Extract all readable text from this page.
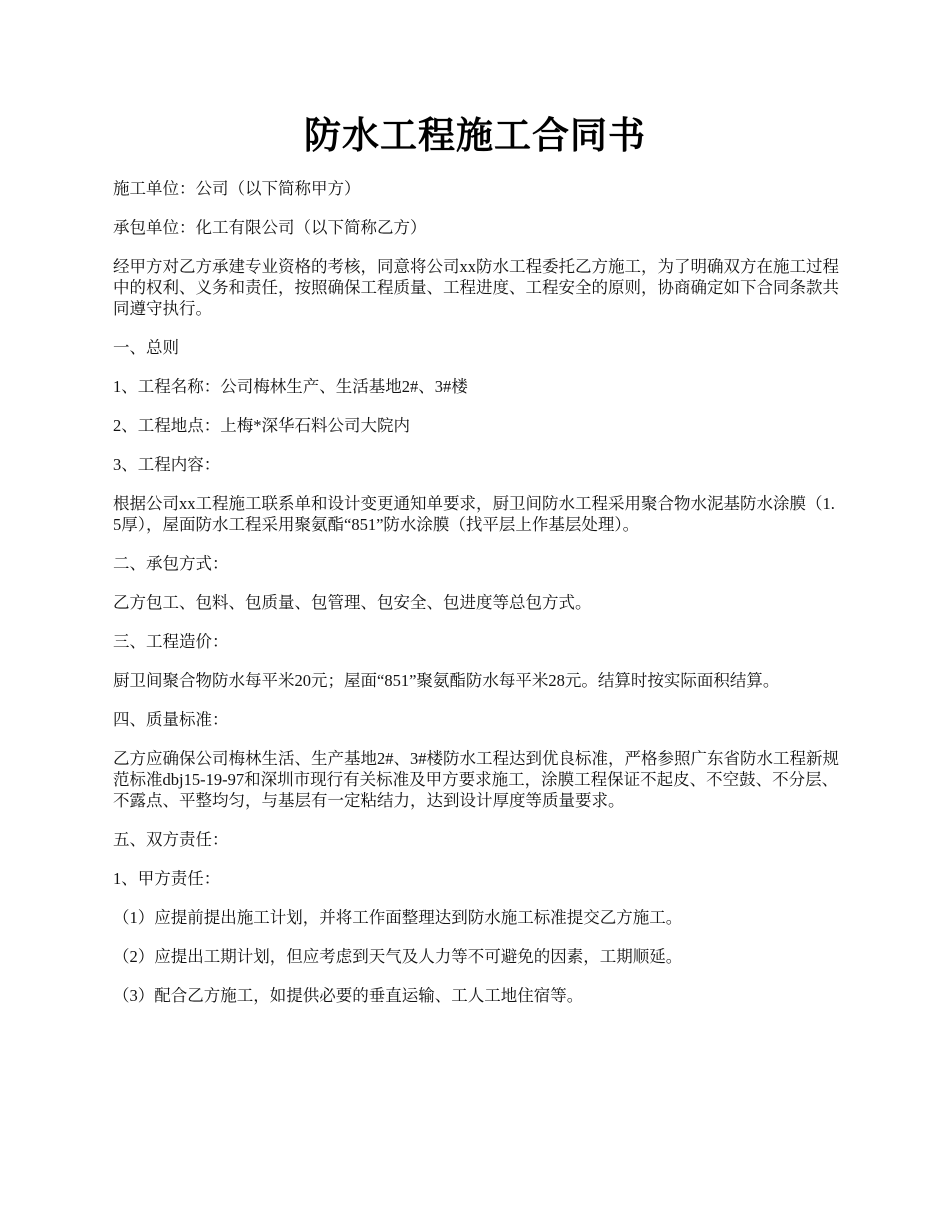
防水工程施工合同书

施工单位：公司（以下简称甲方）

承包单位：化工有限公司（以下简称乙方）

经甲方对乙方承建专业资格的考核，同意将公司xx防水工程委托乙方施工，为了明确双方在施工过程中的权利、义务和责任，按照确保工程质量、工程进度、工程安全的原则，协商确定如下合同条款共同遵守执行。

一、总则

1、工程名称：公司梅林生产、生活基地2#、3#楼

2、工程地点：上梅*深华石料公司大院内

3、工程内容：

根据公司xx工程施工联系单和设计变更通知单要求，厨卫间防水工程采用聚合物水泥基防水涂膜（1.5厚），屋面防水工程采用聚氨酯“851”防水涂膜（找平层上作基层处理）。

二、承包方式：

乙方包工、包料、包质量、包管理、包安全、包进度等总包方式。

三、工程造价：

厨卫间聚合物防水每平米20元；屋面“851”聚氨酯防水每平米28元。结算时按实际面积结算。

四、质量标准：

乙方应确保公司梅林生活、生产基地2#、3#楼防水工程达到优良标准，严格参照广东省防水工程新规范标准dbj15-19-97和深圳市现行有关标准及甲方要求施工，涂膜工程保证不起皮、不空鼓、不分层、不露点、平整均匀，与基层有一定粘结力，达到设计厚度等质量要求。

五、双方责任：

1、甲方责任：

（1）应提前提出施工计划，并将工作面整理达到防水施工标准提交乙方施工。

（2）应提出工期计划，但应考虑到天气及人力等不可避免的因素，工期顺延。

（3）配合乙方施工，如提供必要的垂直运输、工人工地住宿等。
